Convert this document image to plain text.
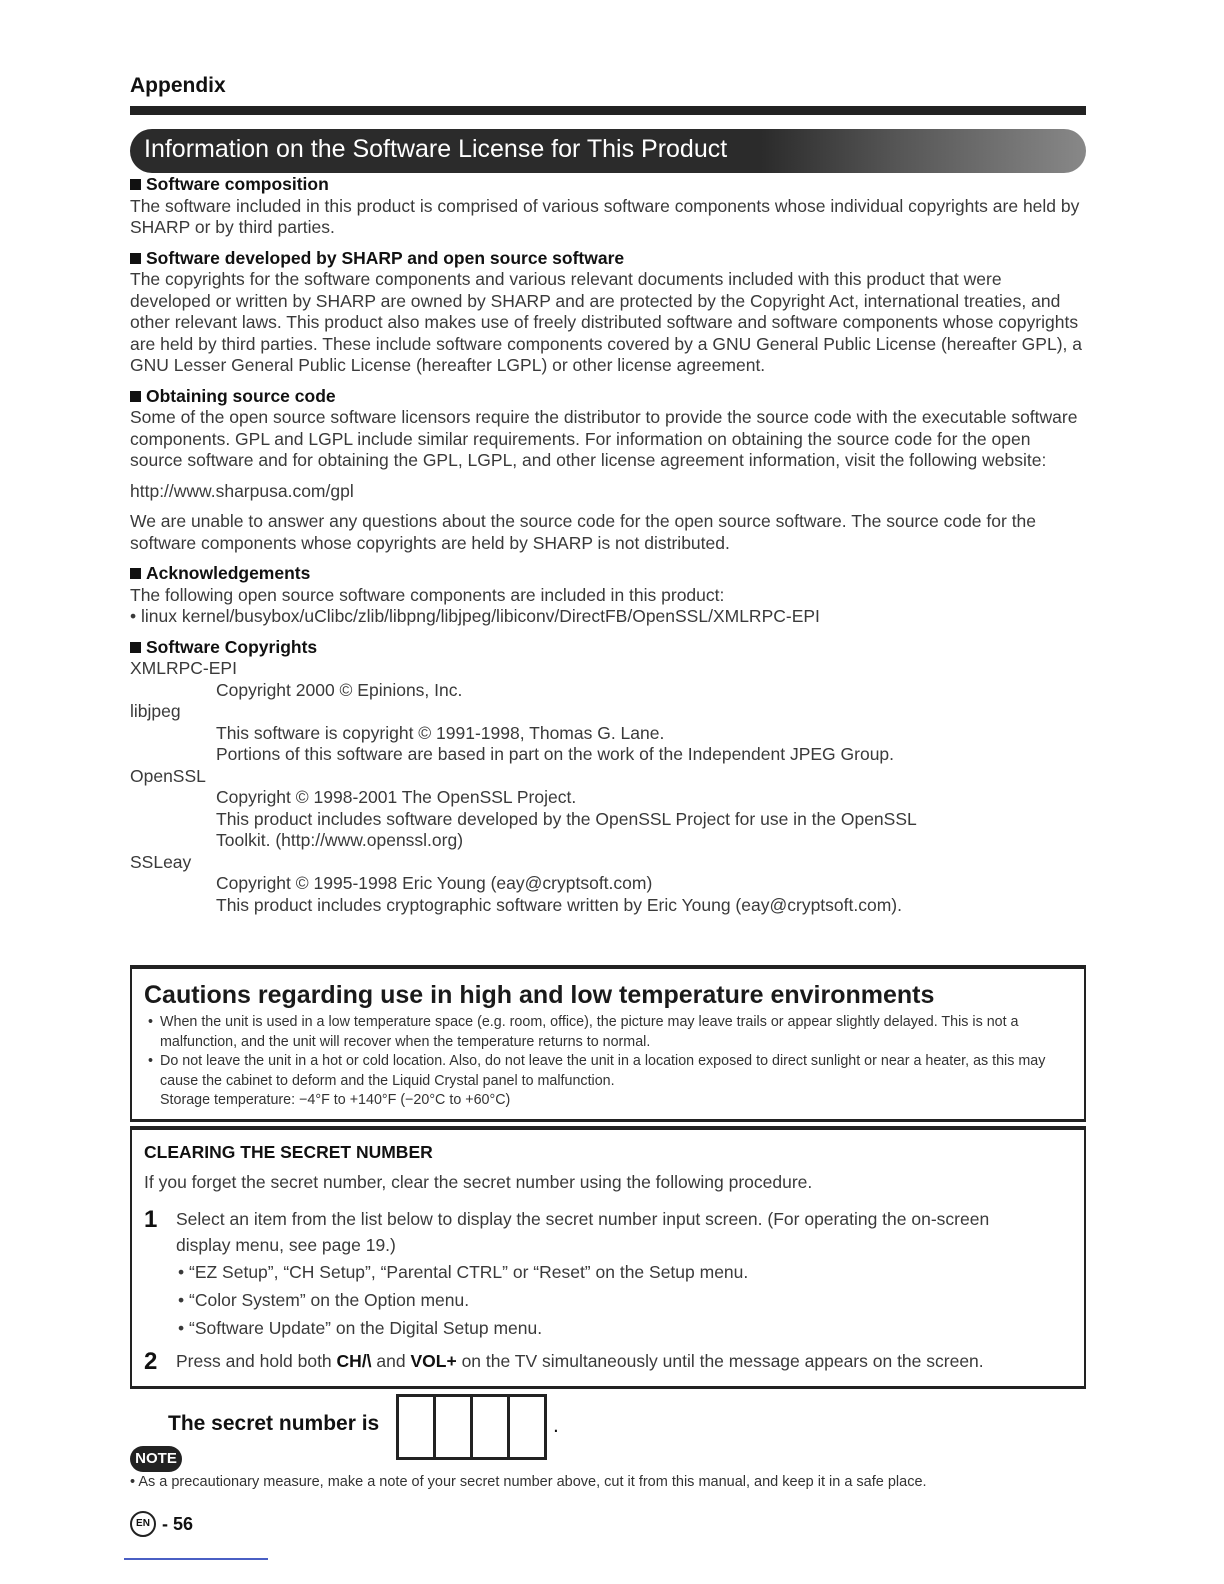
Appendix
Information on the Software License for This Product

Software composition

The software included in this product is comprised of various software components whose individual copyrights are held by SHARP or by third parties.

Software developed by SHARP and open source software

The copyrights for the software components and various relevant documents included with this product that were developed or written by SHARP are owned by SHARP and are protected by the Copyright Act, international treaties, and other relevant laws. This product also makes use of freely distributed software and software components whose copyrights are held by third parties. These include software components covered by a GNU General Public License (hereafter GPL), a GNU Lesser General Public License (hereafter LGPL) or other license agreement.

Obtaining source code

Some of the open source software licensors require the distributor to provide the source code with the executable software components. GPL and LGPL include similar requirements. For information on obtaining the source code for the open source software and for obtaining the GPL, LGPL, and other license agreement information, visit the following website:

http://www.sharpusa.com/gpl

We are unable to answer any questions about the source code for the open source software. The source code for the software components whose copyrights are held by SHARP is not distributed.

Acknowledgements

The following open source software components are included in this product:

• linux kernel/busybox/uClibc/zlib/libpng/libjpeg/libiconv/DirectFB/OpenSSL/XMLRPC-EPI

Software Copyrights

XMLRPC-EPI

Copyright 2000 © Epinions, Inc.

libjpeg

This software is copyright © 1991-1998, Thomas G. Lane.

Portions of this software are based in part on the work of the Independent JPEG Group.

OpenSSL

Copyright © 1998-2001 The OpenSSL Project.

This product includes software developed by the OpenSSL Project for use in the OpenSSL

Toolkit. (http://www.openssl.org)

SSLeay

Copyright © 1995-1998 Eric Young (eay@cryptsoft.com)

This product includes cryptographic software written by Eric Young (eay@cryptsoft.com).

Cautions regarding use in high and low temperature environments
• When the unit is used in a low temperature space (e.g. room, office), the picture may leave trails or appear slightly delayed. This is not a malfunction, and the unit will recover when the temperature returns to normal.
• Do not leave the unit in a hot or cold location. Also, do not leave the unit in a location exposed to direct sunlight or near a heater, as this may cause the cabinet to deform and the Liquid Crystal panel to malfunction.
Storage temperature: −4°F to +140°F (−20°C to +60°C)
CLEARING THE SECRET NUMBER
If you forget the secret number, clear the secret number using the following procedure.
1 Select an item from the list below to display the secret number input screen. (For operating the on-screen
display menu, see page 19.)
• “EZ Setup”, “CH Setup”, “Parental CTRL” or “Reset” on the Setup menu.
• “Color System” on the Option menu.
• “Software Update” on the Digital Setup menu.
2 Press and hold both CH/\ and VOL+ on the TV simultaneously until the message appears on the screen.
The secret number is	.
NOTE
• As a precautionary measure, make a note of your secret number above, cut it from this manual, and keep it in a safe place.
EN - 56
